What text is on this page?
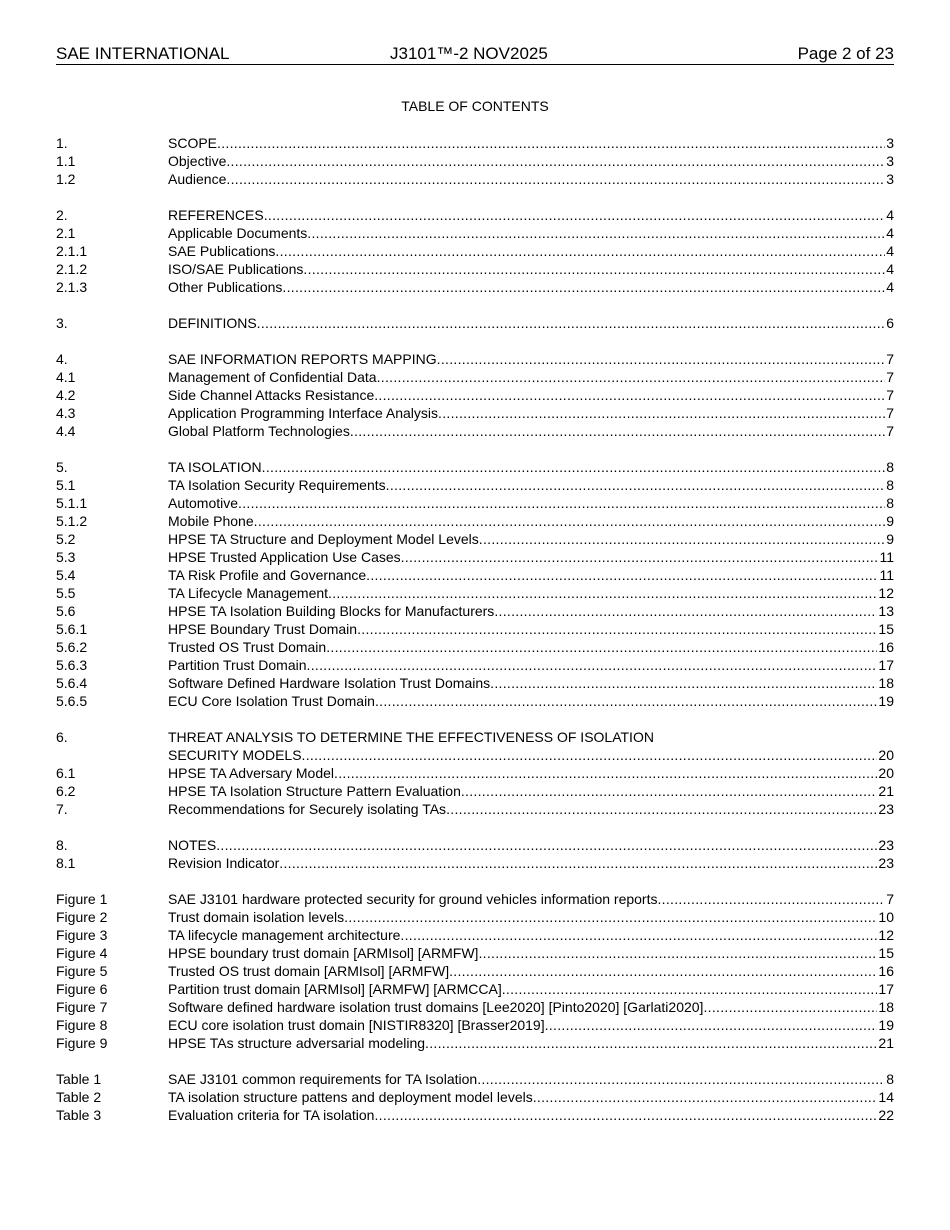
SAE INTERNATIONAL	J3101™-2 NOV2025	Page 2 of 23
TABLE OF CONTENTS
1.	SCOPE .....	3
1.1	Objective .....	3
1.2	Audience .....	3
2.	REFERENCES .....	4
2.1	Applicable Documents .....	4
2.1.1	SAE Publications .....	4
2.1.2	ISO/SAE Publications .....	4
2.1.3	Other Publications .....	4
3.	DEFINITIONS .....	6
4.	SAE INFORMATION REPORTS MAPPING .....	7
4.1	Management of Confidential Data .....	7
4.2	Side Channel Attacks Resistance .....	7
4.3	Application Programming Interface Analysis .....	7
4.4	Global Platform Technologies .....	7
5.	TA ISOLATION .....	8
5.1	TA Isolation Security Requirements .....	8
5.1.1	Automotive .....	8
5.1.2	Mobile Phone .....	9
5.2	HPSE TA Structure and Deployment Model Levels .....	9
5.3	HPSE Trusted Application Use Cases .....	11
5.4	TA Risk Profile and Governance .....	11
5.5	TA Lifecycle Management .....	12
5.6	HPSE TA Isolation Building Blocks for Manufacturers .....	13
5.6.1	HPSE Boundary Trust Domain .....	15
5.6.2	Trusted OS Trust Domain .....	16
5.6.3	Partition Trust Domain .....	17
5.6.4	Software Defined Hardware Isolation Trust Domains .....	18
5.6.5	ECU Core Isolation Trust Domain .....	19
6.	THREAT ANALYSIS TO DETERMINE THE EFFECTIVENESS OF ISOLATION
SECURITY MODELS .....	20
6.1	HPSE TA Adversary Model .....	20
6.2	HPSE TA Isolation Structure Pattern Evaluation .....	21
7.	Recommendations for Securely isolating TAs .....	23
8.	NOTES .....	23
8.1	Revision Indicator .....	23
Figure 1	SAE J3101 hardware protected security for ground vehicles information reports .....	7
Figure 2	Trust domain isolation levels .....	10
Figure 3	TA lifecycle management architecture .....	12
Figure 4	HPSE boundary trust domain [ARMIsol] [ARMFW] .....	15
Figure 5	Trusted OS trust domain [ARMIsol] [ARMFW] .....	16
Figure 6	Partition trust domain [ARMIsol] [ARMFW] [ARMCCA] .....	17
Figure 7	Software defined hardware isolation trust domains [Lee2020] [Pinto2020] [Garlati2020] .....	18
Figure 8	ECU core isolation trust domain [NISTIR8320] [Brasser2019] .....	19
Figure 9	HPSE TAs structure adversarial modeling .....	21
Table 1	SAE J3101 common requirements for TA Isolation .....	8
Table 2	TA isolation structure pattens and deployment model levels .....	14
Table 3	Evaluation criteria for TA isolation .....	22
